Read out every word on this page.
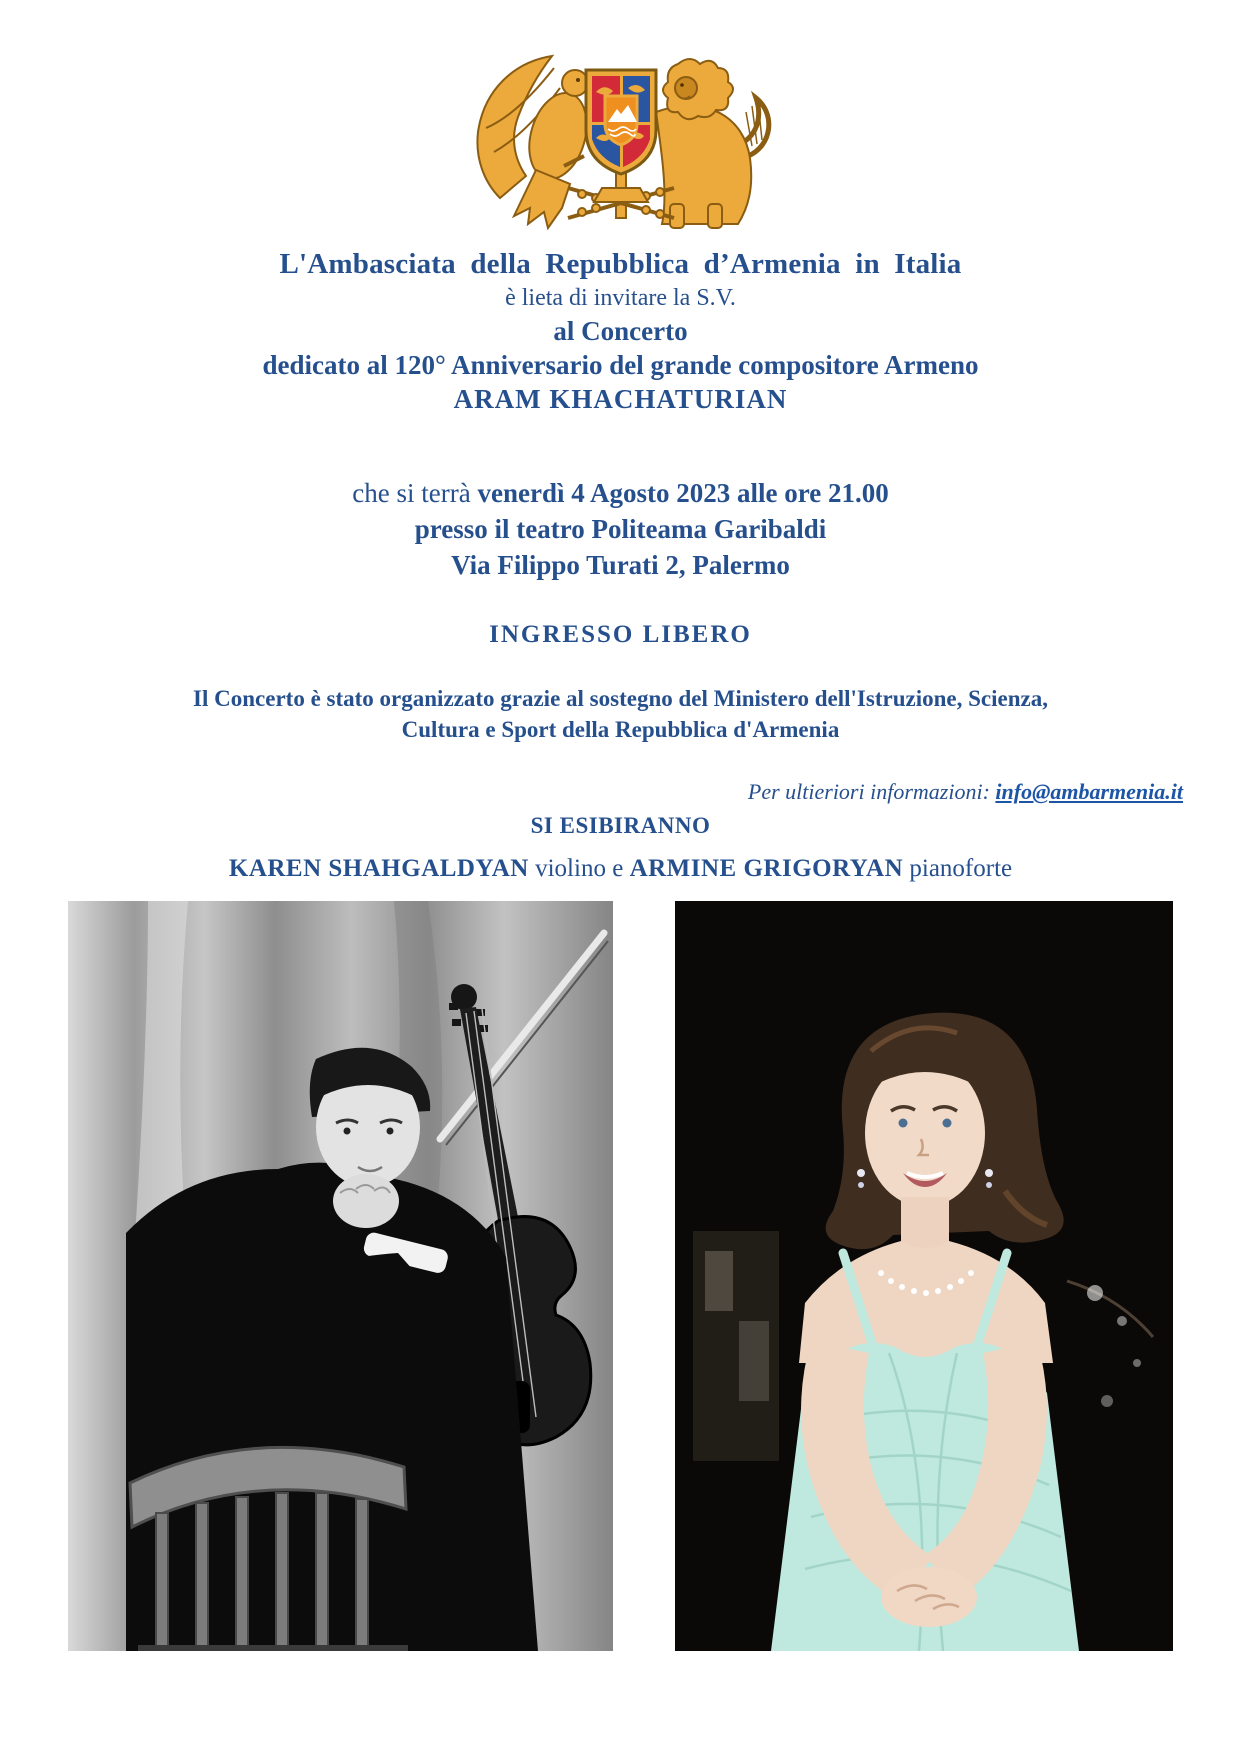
L'Ambasciata della Repubblica d’Armenia in Italia
è lieta di invitare la S.V.
al Concerto
dedicato al 120° Anniversario del grande compositore Armeno
ARAM KHACHATURIAN
che si terrà venerdì 4 Agosto 2023 alle ore 21.00
presso il teatro Politeama Garibaldi
Via Filippo Turati 2, Palermo
INGRESSO LIBERO
Il Concerto è stato organizzato grazie al sostegno del Ministero dell'Istruzione, Scienza,
Cultura e Sport della Repubblica d'Armenia
Per ultieriori informazioni: info@ambarmenia.it
SI ESIBIRANNO
KAREN SHAHGALDYAN violino e ARMINE GRIGORYAN pianoforte
